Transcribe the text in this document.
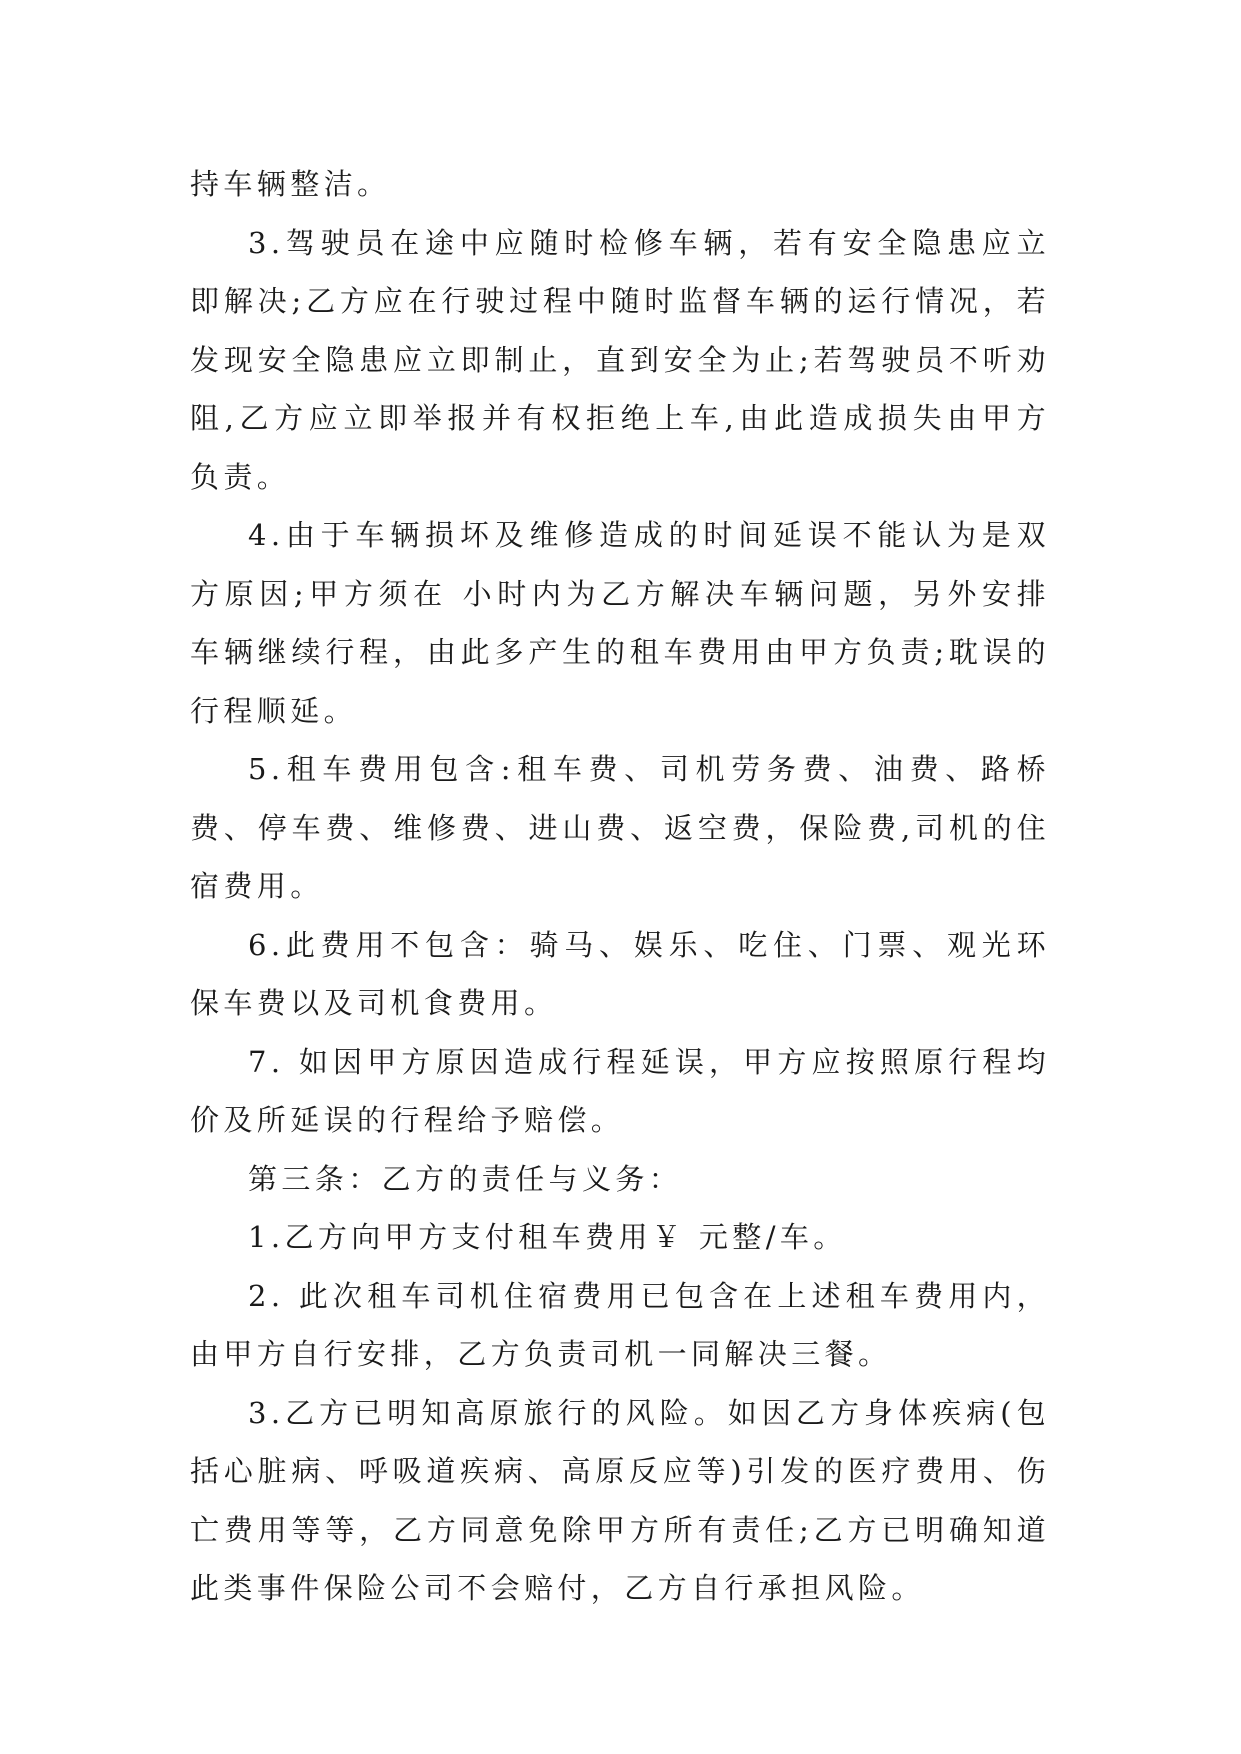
持车辆整洁。

3.驾驶员在途中应随时检修车辆，若有安全隐患应立即解决;乙方应在行驶过程中随时监督车辆的运行情况，若发现安全隐患应立即制止，直到安全为止;若驾驶员不听劝阻,乙方应立即举报并有权拒绝上车,由此造成损失由甲方负责。

4.由于车辆损坏及维修造成的时间延误不能认为是双方原因;甲方须在 小时内为乙方解决车辆问题，另外安排车辆继续行程，由此多产生的租车费用由甲方负责;耽误的行程顺延。

5.租车费用包含:租车费、司机劳务费、油费、路桥费、停车费、维修费、进山费、返空费，保险费,司机的住宿费用。

6.此费用不包含：骑马、娱乐、吃住、门票、观光环保车费以及司机食费用。

7. 如因甲方原因造成行程延误，甲方应按照原行程均价及所延误的行程给予赔偿。

第三条：乙方的责任与义务：

1.乙方向甲方支付租车费用￥ 元整/车。

2. 此次租车司机住宿费用已包含在上述租车费用内，由甲方自行安排，乙方负责司机一同解决三餐。

3.乙方已明知高原旅行的风险。如因乙方身体疾病(包括心脏病、呼吸道疾病、高原反应等)引发的医疗费用、伤亡费用等等，乙方同意免除甲方所有责任;乙方已明确知道此类事件保险公司不会赔付，乙方自行承担风险。
